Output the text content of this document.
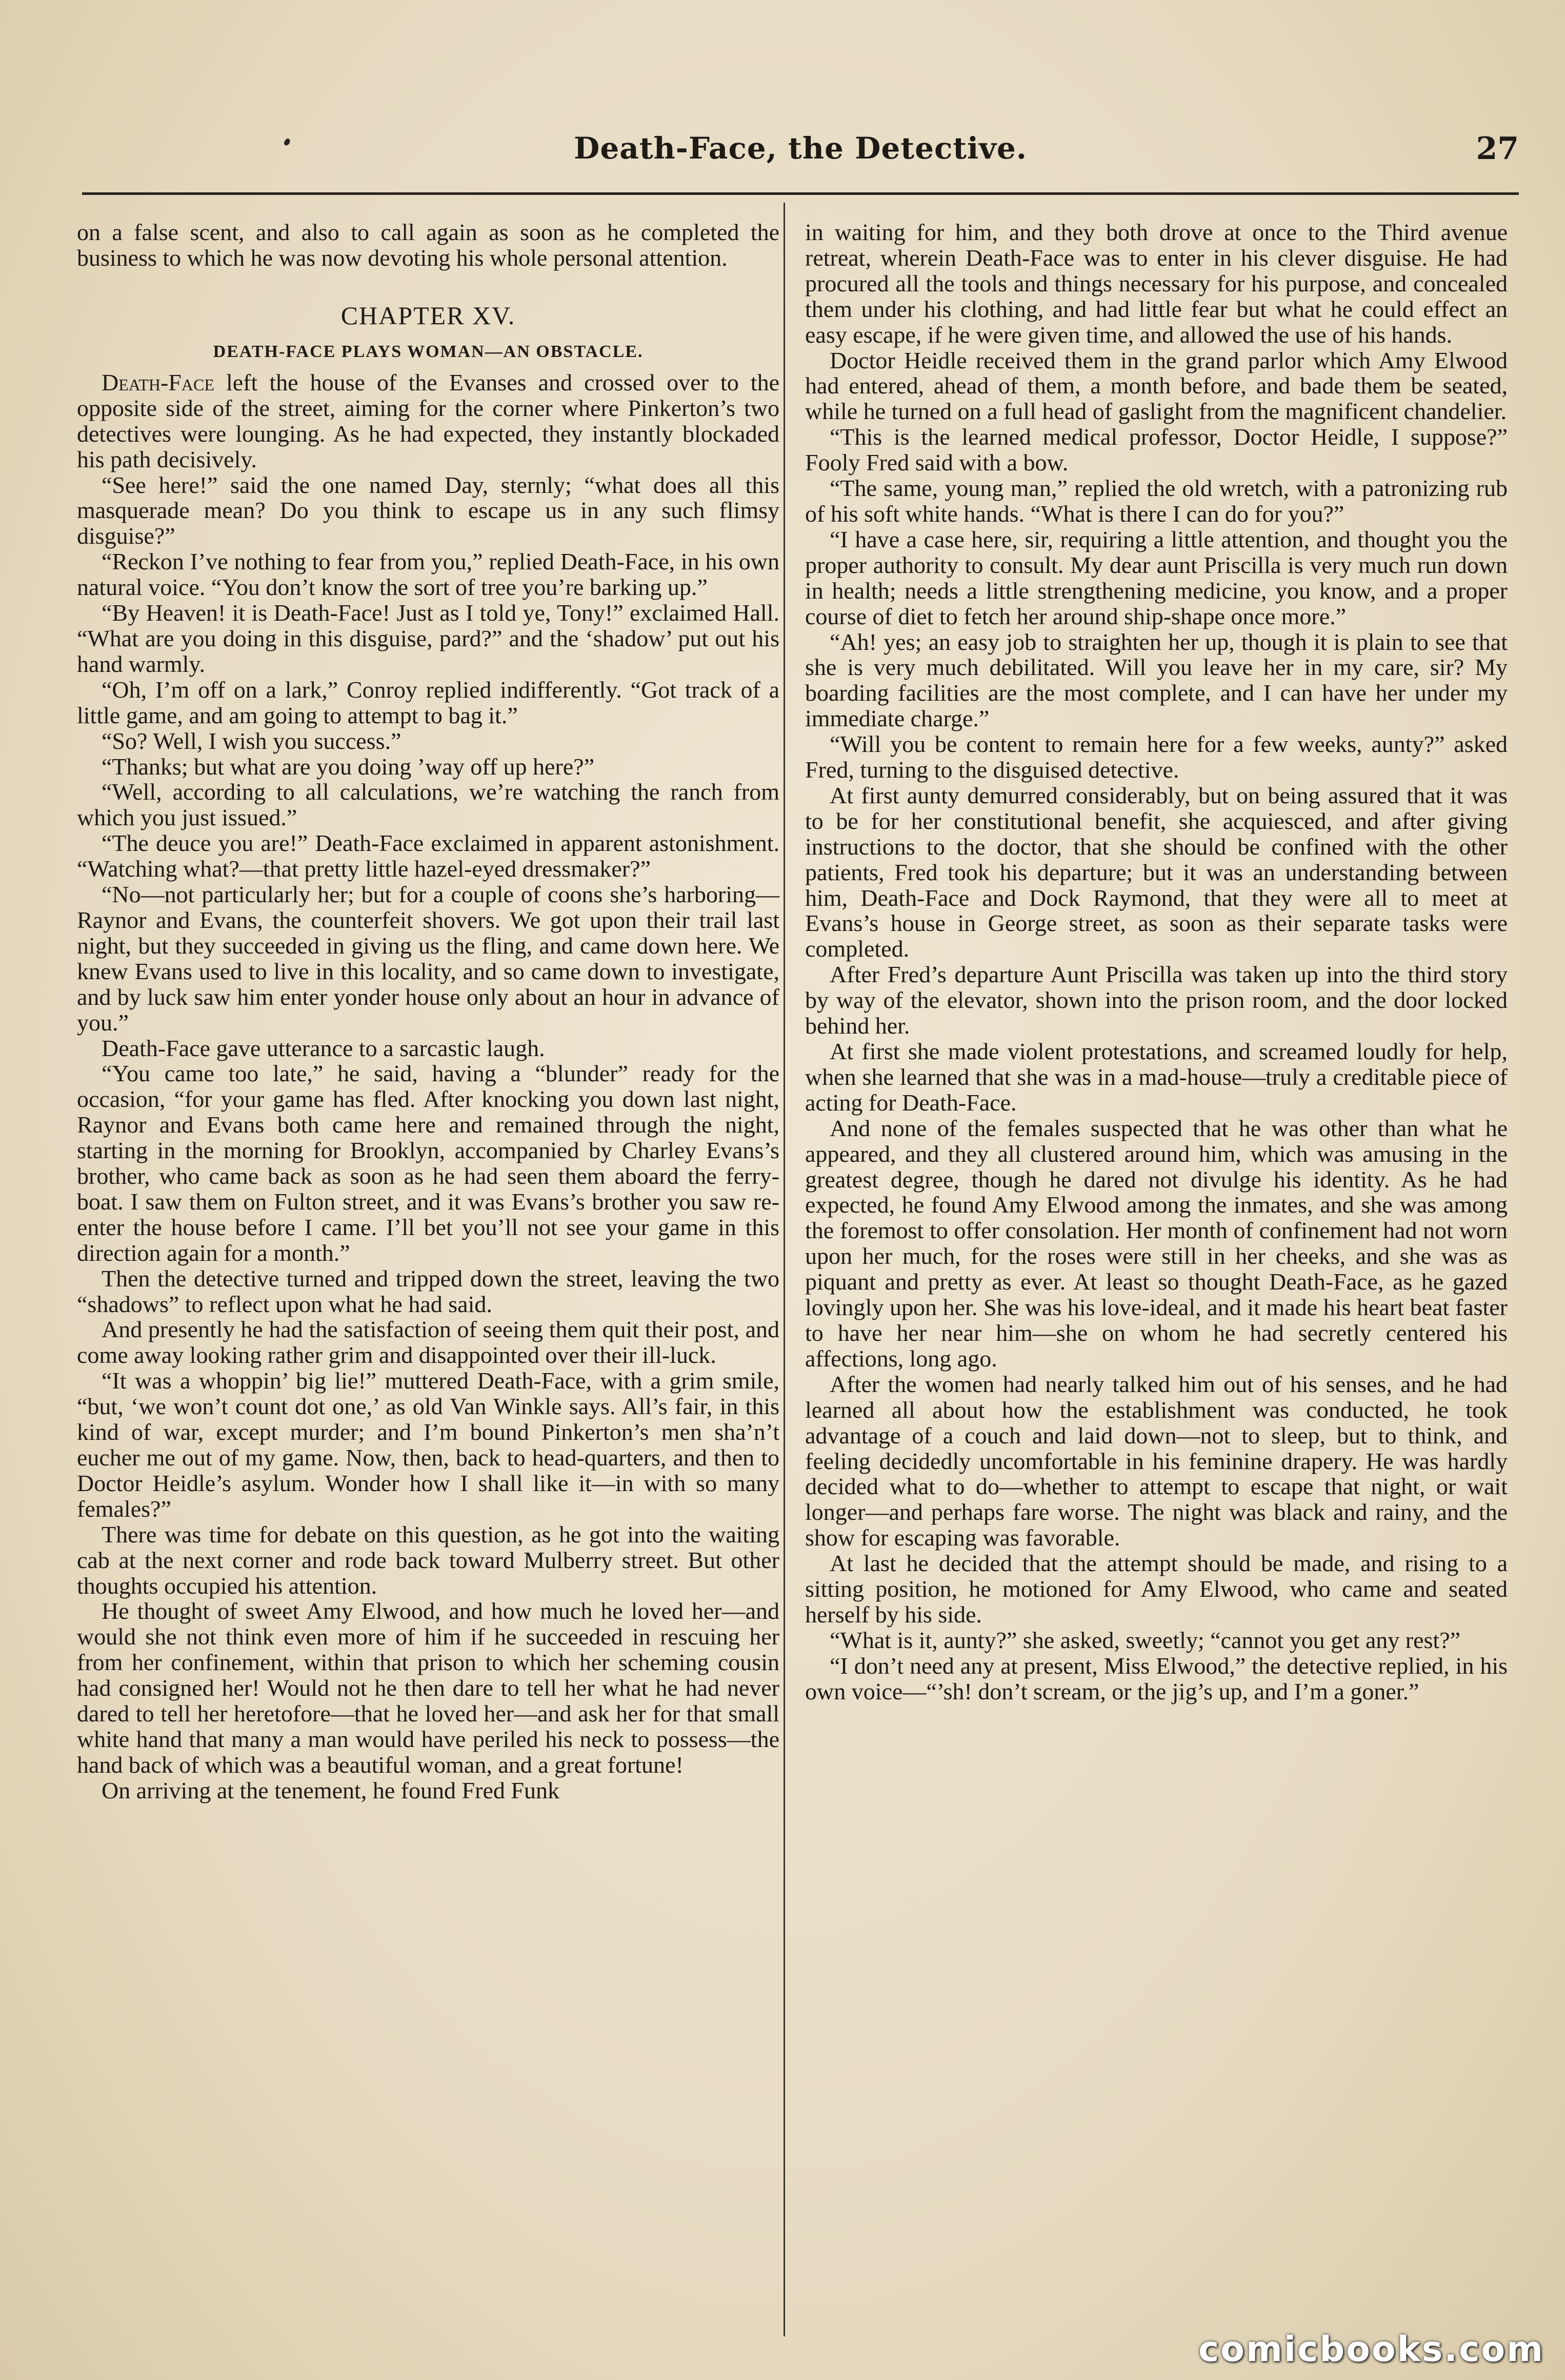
Death-Face, the Detective.	27

on a false scent, and also to call again as soon as he completed the business to which he was now devoting his whole personal attention.

CHAPTER XV.
DEATH-FACE PLAYS WOMAN—AN OBSTACLE.

Death-Face left the house of the Evanses and crossed over to the opposite side of the street, aiming for the corner where Pinkerton’s two detectives were lounging. As he had expected, they instantly blockaded his path decisively.

“See here!” said the one named Day, sternly; “what does all this masquerade mean? Do you think to escape us in any such flimsy disguise?”

“Reckon I’ve nothing to fear from you,” replied Death-Face, in his own natural voice. “You don’t know the sort of tree you’re barking up.”

“By Heaven! it is Death-Face! Just as I told ye, Tony!” exclaimed Hall. “What are you doing in this disguise, pard?” and the ‘shadow’ put out his hand warmly.

“Oh, I’m off on a lark,” Conroy replied indifferently. “Got track of a little game, and am going to attempt to bag it.”

“So? Well, I wish you success.”

“Thanks; but what are you doing ’way off up here?”

“Well, according to all calculations, we’re watching the ranch from which you just issued.”

“The deuce you are!” Death-Face exclaimed in apparent astonishment. “Watching what?—that pretty little hazel-eyed dressmaker?”

“No—not particularly her; but for a couple of coons she’s harboring—Raynor and Evans, the counterfeit shovers. We got upon their trail last night, but they succeeded in giving us the fling, and came down here. We knew Evans used to live in this locality, and so came down to investigate, and by luck saw him enter yonder house only about an hour in advance of you.”

Death-Face gave utterance to a sarcastic laugh.

“You came too late,” he said, having a “blunder” ready for the occasion, “for your game has fled. After knocking you down last night, Raynor and Evans both came here and remained through the night, starting in the morning for Brooklyn, accompanied by Charley Evans’s brother, who came back as soon as he had seen them aboard the ferry-boat. I saw them on Fulton street, and it was Evans’s brother you saw re-enter the house before I came. I’ll bet you’ll not see your game in this direction again for a month.”

Then the detective turned and tripped down the street, leaving the two “shadows” to reflect upon what he had said.

And presently he had the satisfaction of seeing them quit their post, and come away looking rather grim and disappointed over their ill-luck.

“It was a whoppin’ big lie!” muttered Death-Face, with a grim smile, “but, ‘we won’t count dot one,’ as old Van Winkle says. All’s fair, in this kind of war, except murder; and I’m bound Pinkerton’s men sha’n’t eucher me out of my game. Now, then, back to head-quarters, and then to Doctor Heidle’s asylum. Wonder how I shall like it—in with so many females?”

There was time for debate on this question, as he got into the waiting cab at the next corner and rode back toward Mulberry street. But other thoughts occupied his attention.

He thought of sweet Amy Elwood, and how much he loved her—and would she not think even more of him if he succeeded in rescuing her from her confinement, within that prison to which her scheming cousin had consigned her! Would not he then dare to tell her what he had never dared to tell her heretofore—that he loved her—and ask her for that small white hand that many a man would have periled his neck to possess—the hand back of which was a beautiful woman, and a great fortune!

On arriving at the tenement, he found Fred Funk

in waiting for him, and they both drove at once to the Third avenue retreat, wherein Death-Face was to enter in his clever disguise. He had procured all the tools and things necessary for his purpose, and concealed them under his clothing, and had little fear but what he could effect an easy escape, if he were given time, and allowed the use of his hands.

Doctor Heidle received them in the grand parlor which Amy Elwood had entered, ahead of them, a month before, and bade them be seated, while he turned on a full head of gaslight from the magnificent chandelier.

“This is the learned medical professor, Doctor Heidle, I suppose?” Fooly Fred said with a bow.

“The same, young man,” replied the old wretch, with a patronizing rub of his soft white hands. “What is there I can do for you?”

“I have a case here, sir, requiring a little attention, and thought you the proper authority to consult. My dear aunt Priscilla is very much run down in health; needs a little strengthening medicine, you know, and a proper course of diet to fetch her around ship-shape once more.”

“Ah! yes; an easy job to straighten her up, though it is plain to see that she is very much debilitated. Will you leave her in my care, sir? My boarding facilities are the most complete, and I can have her under my immediate charge.”

“Will you be content to remain here for a few weeks, aunty?” asked Fred, turning to the disguised detective.

At first aunty demurred considerably, but on being assured that it was to be for her constitutional benefit, she acquiesced, and after giving instructions to the doctor, that she should be confined with the other patients, Fred took his departure; but it was an understanding between him, Death-Face and Dock Raymond, that they were all to meet at Evans’s house in George street, as soon as their separate tasks were completed.

After Fred’s departure Aunt Priscilla was taken up into the third story by way of the elevator, shown into the prison room, and the door locked behind her.

At first she made violent protestations, and screamed loudly for help, when she learned that she was in a mad-house—truly a creditable piece of acting for Death-Face.

And none of the females suspected that he was other than what he appeared, and they all clustered around him, which was amusing in the greatest degree, though he dared not divulge his identity. As he had expected, he found Amy Elwood among the inmates, and she was among the foremost to offer consolation. Her month of confinement had not worn upon her much, for the roses were still in her cheeks, and she was as piquant and pretty as ever. At least so thought Death-Face, as he gazed lovingly upon her. She was his love-ideal, and it made his heart beat faster to have her near him—she on whom he had secretly centered his affections, long ago.

After the women had nearly talked him out of his senses, and he had learned all about how the establishment was conducted, he took advantage of a couch and laid down—not to sleep, but to think, and feeling decidedly uncomfortable in his feminine drapery. He was hardly decided what to do—whether to attempt to escape that night, or wait longer—and perhaps fare worse. The night was black and rainy, and the show for escaping was favorable.

At last he decided that the attempt should be made, and rising to a sitting position, he motioned for Amy Elwood, who came and seated herself by his side.

“What is it, aunty?” she asked, sweetly; “cannot you get any rest?”

“I don’t need any at present, Miss Elwood,” the detective replied, in his own voice—“’sh! don’t scream, or the jig’s up, and I’m a goner.”

comicbooks.com
